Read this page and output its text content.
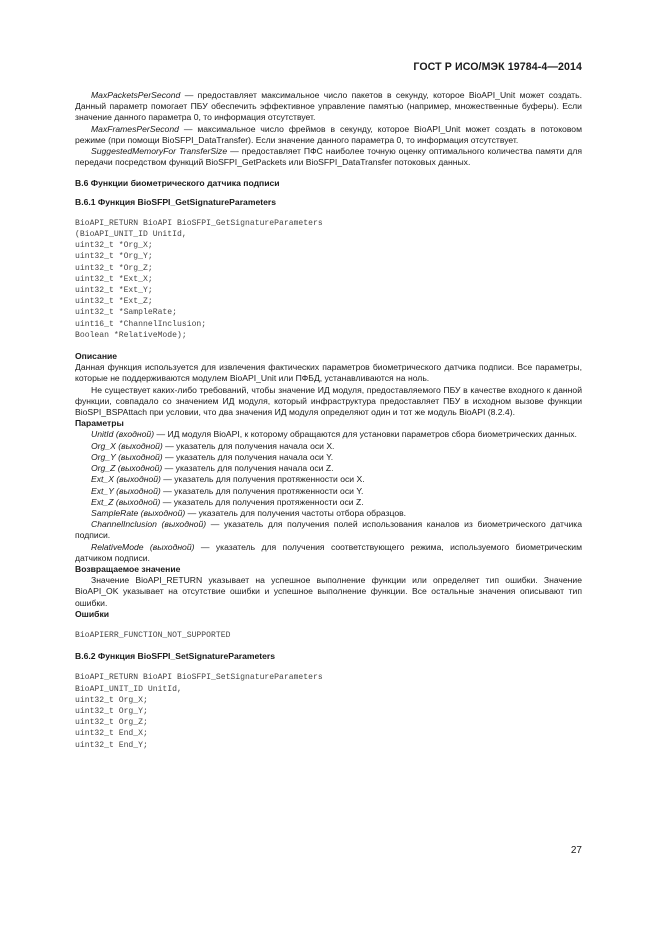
ГОСТ Р ИСО/МЭК 19784-4—2014

MaxPacketsPerSecond — предоставляет максимальное число пакетов в секунду, которое BioAPI_Unit может создать. Данный параметр помогает ПБУ обеспечить эффективное управление памятью (например, множественные буферы). Если значение данного параметра 0, то информация отсутствует.

MaxFramesPerSecond — максимальное число фреймов в секунду, которое BioAPI_Unit может создать в потоковом режиме (при помощи BioSFPI_DataTransfer). Если значение данного параметра 0, то информация отсутствует.

SuggestedMemoryFor TransferSize — предоставляет ПФС наиболее точную оценку оптимального количества памяти для передачи посредством функций BioSFPI_GetPackets или BioSFPI_DataTransfer потоковых данных.

В.6 Функции биометрического датчика подписи

В.6.1 Функция BioSFPI_GetSignatureParameters

BioAPI_RETURN BioAPI BioSFPI_GetSignatureParameters
(BioAPI_UNIT_ID UnitId,
uint32_t *Org_X;
uint32_t *Org_Y;
uint32_t *Org_Z;
uint32_t *Ext_X;
uint32_t *Ext_Y;
uint32_t *Ext_Z;
uint32_t *SampleRate;
uint16_t *ChannelInclusion;
Boolean *RelativeMode);

Описание

Данная функция используется для извлечения фактических параметров биометрического датчика подписи. Все параметры, которые не поддерживаются модулем BioAPI_Unit или ПФБД, устанавливаются на ноль.

Не существует каких-либо требований, чтобы значение ИД модуля, предоставляемого ПБУ в качестве входного к данной функции, совпадало со значением ИД модуля, который инфраструктура предоставляет ПБУ в исходном вызове функции BioSPI_BSPAttach при условии, что два значения ИД модуля определяют один и тот же модуль BioAPI (8.2.4).

Параметры

UnitId (входной) — ИД модуля BioAPI, к которому обращаются для установки параметров сбора биометрических данных.

Org_X (выходной) — указатель для получения начала оси X.

Org_Y (выходной) — указатель для получения начала оси Y.

Org_Z (выходной) — указатель для получения начала оси Z.

Ext_X (выходной) — указатель для получения протяженности оси X.

Ext_Y (выходной) — указатель для получения протяженности оси Y.

Ext_Z (выходной) — указатель для получения протяженности оси Z.

SampleRate (выходной) — указатель для получения частоты отбора образцов.

ChannelInclusion (выходной) — указатель для получения полей использования каналов из биометрического датчика подписи.

RelativeMode (выходной) — указатель для получения соответствующего режима, используемого биометрическим датчиком подписи.

Возвращаемое значение

Значение BioAPI_RETURN указывает на успешное выполнение функции или определяет тип ошибки. Значение BioAPI_OK указывает на отсутствие ошибки и успешное выполнение функции. Все остальные значения описывают тип ошибки.

Ошибки

BioAPIERR_FUNCTION_NOT_SUPPORTED

В.6.2 Функция BioSFPI_SetSignatureParameters

BioAPI_RETURN BioAPI BioSFPI_SetSignatureParameters
BioAPI_UNIT_ID UnitId,
uint32_t Org_X;
uint32_t Org_Y;
uint32_t Org_Z;
uint32_t End_X;
uint32_t End_Y;
27
